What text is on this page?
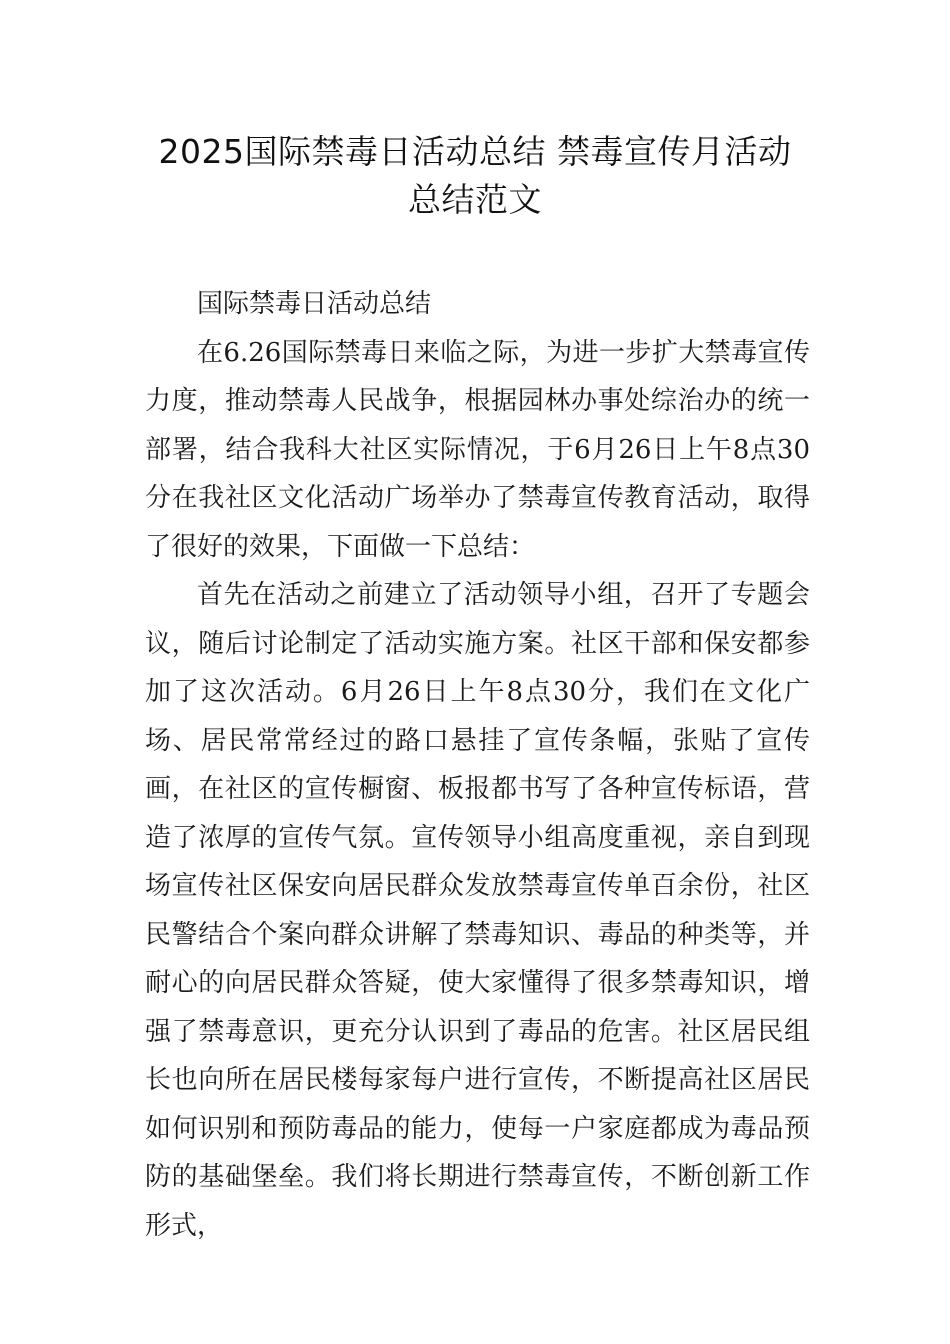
2025国际禁毒日活动总结 禁毒宣传月活动
总结范文
国际禁毒日活动总结

在6.26国际禁毒日来临之际，为进一步扩大禁毒宣传力度，推动禁毒人民战争，根据园林办事处综治办的统一部署，结合我科大社区实际情况，于6月26日上午8点30分在我社区文化活动广场举办了禁毒宣传教育活动，取得了很好的效果，下面做一下总结：

首先在活动之前建立了活动领导小组，召开了专题会议，随后讨论制定了活动实施方案。社区干部和保安都参加了这次活动。6月26日上午8点30分，我们在文化广场、居民常常经过的路口悬挂了宣传条幅，张贴了宣传画，在社区的宣传橱窗、板报都书写了各种宣传标语，营造了浓厚的宣传气氛。宣传领导小组高度重视，亲自到现场宣传社区保安向居民群众发放禁毒宣传单百余份，社区民警结合个案向群众讲解了禁毒知识、毒品的种类等，并耐心的向居民群众答疑，使大家懂得了很多禁毒知识，增强了禁毒意识，更充分认识到了毒品的危害。社区居民组长也向所在居民楼每家每户进行宣传，不断提高社区居民如何识别和预防毒品的能力，使每一户家庭都成为毒品预防的基础堡垒。我们将长期进行禁毒宣传，不断创新工作形式，
